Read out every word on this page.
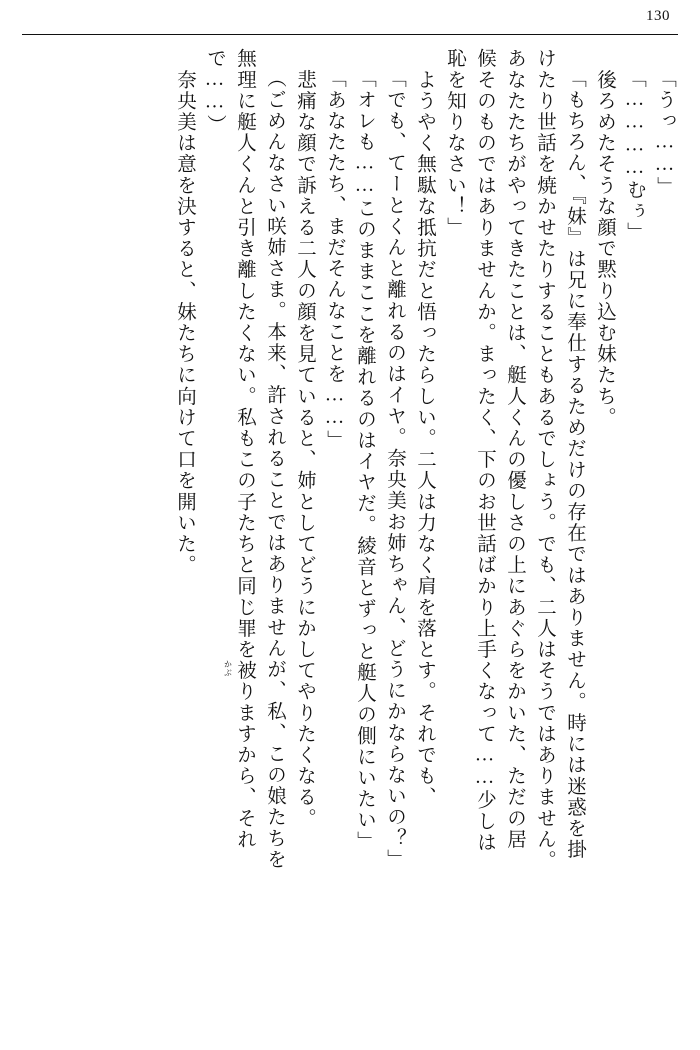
130
「うっ……」
「…………むぅ」
　後ろめたそうな顔で黙り込む妹たち。
「もちろん、『妹』は兄に奉仕するためだけの存在ではありません。時には迷惑を掛
けたり世話を焼かせたりすることもあるでしょう。でも、二人はそうではありません。
あなたたちがやってきたことは、艇人くんの優しさの上にあぐらをかいた、ただの居
候そのものではありませんか。まったく、下のお世話ばかり上手くなって……少しは
恥を知りなさい！」
　ようやく無駄な抵抗だと悟ったらしい。二人は力なく肩を落とす。それでも、
「でも、てーとくんと離れるのはイヤ。奈央美お姉ちゃん、どうにかならないの？」
「オレも……このままここを離れるのはイヤだ。綾音とずっと艇人の側にいたい」
「あなたたち、まだそんなことを……」
　悲痛な顔で訴える二人の顔を見ていると、姉としてどうにかしてやりたくなる。
（ごめんなさい咲姉さま。本来、許されることではありませんが、私、この娘たちを
無理に艇人くんと引き離したくない。私もこの子たちと同じ罪を被
かぶ
りますから、それ
で……）
　奈央美は意を決すると、妹たちに向けて口を開いた。
